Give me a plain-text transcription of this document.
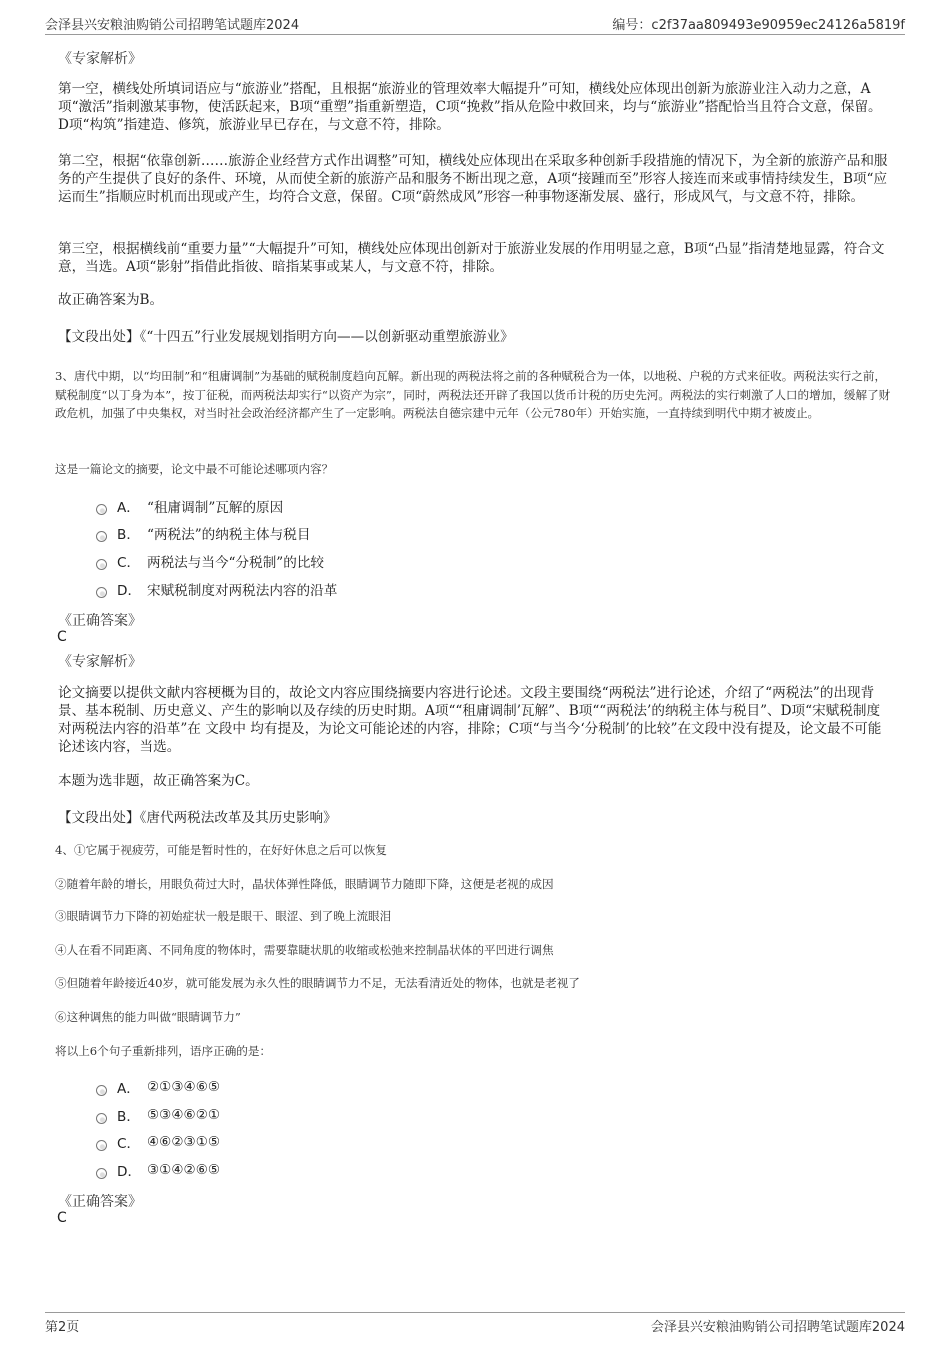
会泽县兴安粮油购销公司招聘笔试题库2024	编号：c2f37aa809493e90959ec24126a5819f
《专家解析》
第一空，横线处所填词语应与“旅游业”搭配，且根据“旅游业的管理效率大幅提升”可知，横线处应体现出创新为旅游业注入动力之意，A项“激活”指刺激某事物，使活跃起来，B项“重塑”指重新塑造，C项“挽救”指从危险中救回来，均与“旅游业”搭配恰当且符合文意，保留。D项“构筑”指建造、修筑，旅游业早已存在，与文意不符，排除。
第二空，根据“依靠创新……旅游企业经营方式作出调整”可知，横线处应体现出在采取多种创新手段措施的情况下，为全新的旅游产品和服务的产生提供了良好的条件、环境，从而使全新的旅游产品和服务不断出现之意，A项“接踵而至”形容人接连而来或事情持续发生，B项“应运而生”指顺应时机而出现或产生，均符合文意，保留。C项“蔚然成风”形容一种事物逐渐发展、盛行，形成风气，与文意不符，排除。
第三空，根据横线前“重要力量”“大幅提升”可知，横线处应体现出创新对于旅游业发展的作用明显之意，B项“凸显”指清楚地显露，符合文意，当选。A项“影射”指借此指彼、暗指某事或某人，与文意不符，排除。
故正确答案为B。
【文段出处】《“十四五”行业发展规划指明方向——以创新驱动重塑旅游业》
3、唐代中期，以“均田制”和“租庸调制”为基础的赋税制度趋向瓦解。新出现的两税法将之前的各种赋税合为一体，以地税、户税的方式来征收。两税法实行之前，赋税制度“以丁身为本”，按丁征税，而两税法却实行“以资产为宗”，同时，两税法还开辟了我国以货币计税的历史先河。两税法的实行刺激了人口的增加，缓解了财政危机，加强了中央集权，对当时社会政治经济都产生了一定影响。两税法自德宗建中元年（公元780年）开始实施，一直持续到明代中期才被废止。
这是一篇论文的摘要，论文中最不可能论述哪项内容？
A． “租庸调制”瓦解的原因
B． “两税法”的纳税主体与税目
C． 两税法与当今“分税制”的比较
D． 宋赋税制度对两税法内容的沿革
《正确答案》
C
《专家解析》
论文摘要以提供文献内容梗概为目的，故论文内容应围绕摘要内容进行论述。文段主要围绕“两税法”进行论述，介绍了“两税法”的出现背景、基本税制、历史意义、产生的影响以及存续的历史时期。A项““租庸调制’瓦解”、B项““两税法’的纳税主体与税目”、D项“宋赋税制度对两税法内容的沿革”在 文段中 均有提及，为论文可能论述的内容，排除；C项“与当今‘分税制’的比较”在文段中没有提及，论文最不可能论述该内容，当选。
本题为选非题，故正确答案为C。
【文段出处】《唐代两税法改革及其历史影响》
4、①它属于视疲劳，可能是暂时性的，在好好休息之后可以恢复
②随着年龄的增长，用眼负荷过大时，晶状体弹性降低，眼睛调节力随即下降，这便是老视的成因
③眼睛调节力下降的初始症状一般是眼干、眼涩、到了晚上流眼泪
④人在看不同距离、不同角度的物体时，需要靠睫状肌的收缩或松弛来控制晶状体的平凹进行调焦
⑤但随着年龄接近40岁，就可能发展为永久性的眼睛调节力不足，无法看清近处的物体，也就是老视了
⑥这种调焦的能力叫做“眼睛调节力”
将以上6个句子重新排列，语序正确的是：
A． ②①③④⑥⑤
B． ⑤③④⑥②①
C． ④⑥②③①⑤
D． ③①④②⑥⑤
《正确答案》
C
第2页	会泽县兴安粮油购销公司招聘笔试题库2024
